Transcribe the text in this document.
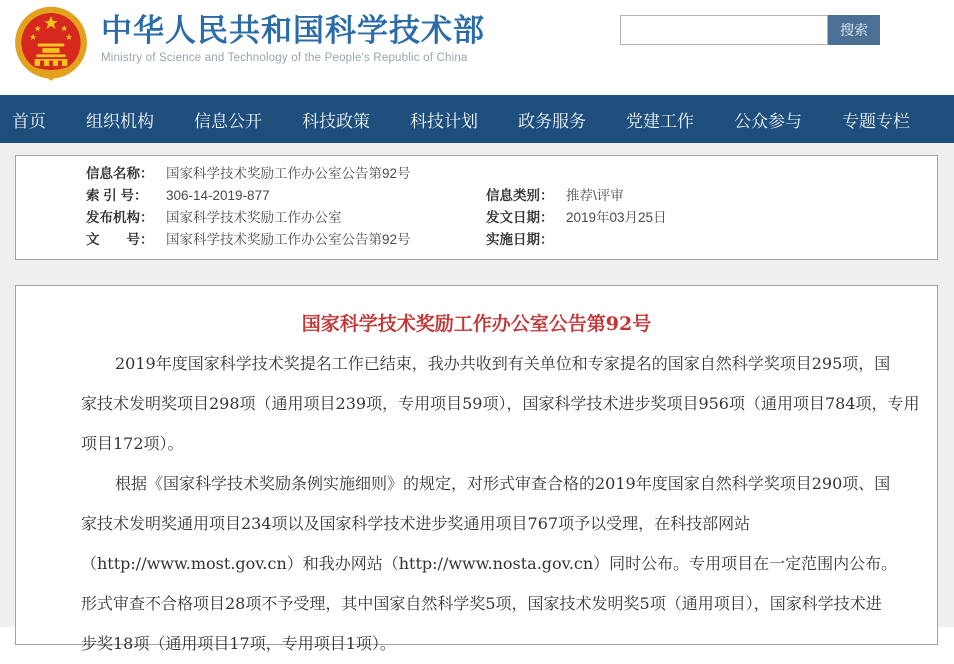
中华人民共和国科学技术部
Ministry of Science and Technology of the People's Republic of China
搜索
首页 组织机构 信息公开 科技政策 科技计划 政务服务 党建工作 公众参与 专题专栏
信息名称： 国家科学技术奖励工作办公室公告第92号
索 引 号： 306-14-2019-877
发布机构： 国家科学技术奖励工作办公室
文　　号： 国家科学技术奖励工作办公室公告第92号
信息类别： 推荐\评审
发文日期： 2019年03月25日
实施日期：
国家科学技术奖励工作办公室公告第92号
2019年度国家科学技术奖提名工作已结束，我办共收到有关单位和专家提名的国家自然科学奖项目295项，国
家技术发明奖项目298项（通用项目239项，专用项目59项），国家科学技术进步奖项目956项（通用项目784项，专用
项目172项）。
根据《国家科学技术奖励条例实施细则》的规定，对形式审查合格的2019年度国家自然科学奖项目290项、国
家技术发明奖通用项目234项以及国家科学技术进步奖通用项目767项予以受理，在科技部网站
（http://www.most.gov.cn）和我办网站（http://www.nosta.gov.cn）同时公布。专用项目在一定范围内公布。
形式审查不合格项目28项不予受理，其中国家自然科学奖5项，国家技术发明奖5项（通用项目），国家科学技术进
步奖18项（通用项目17项，专用项目1项）。
